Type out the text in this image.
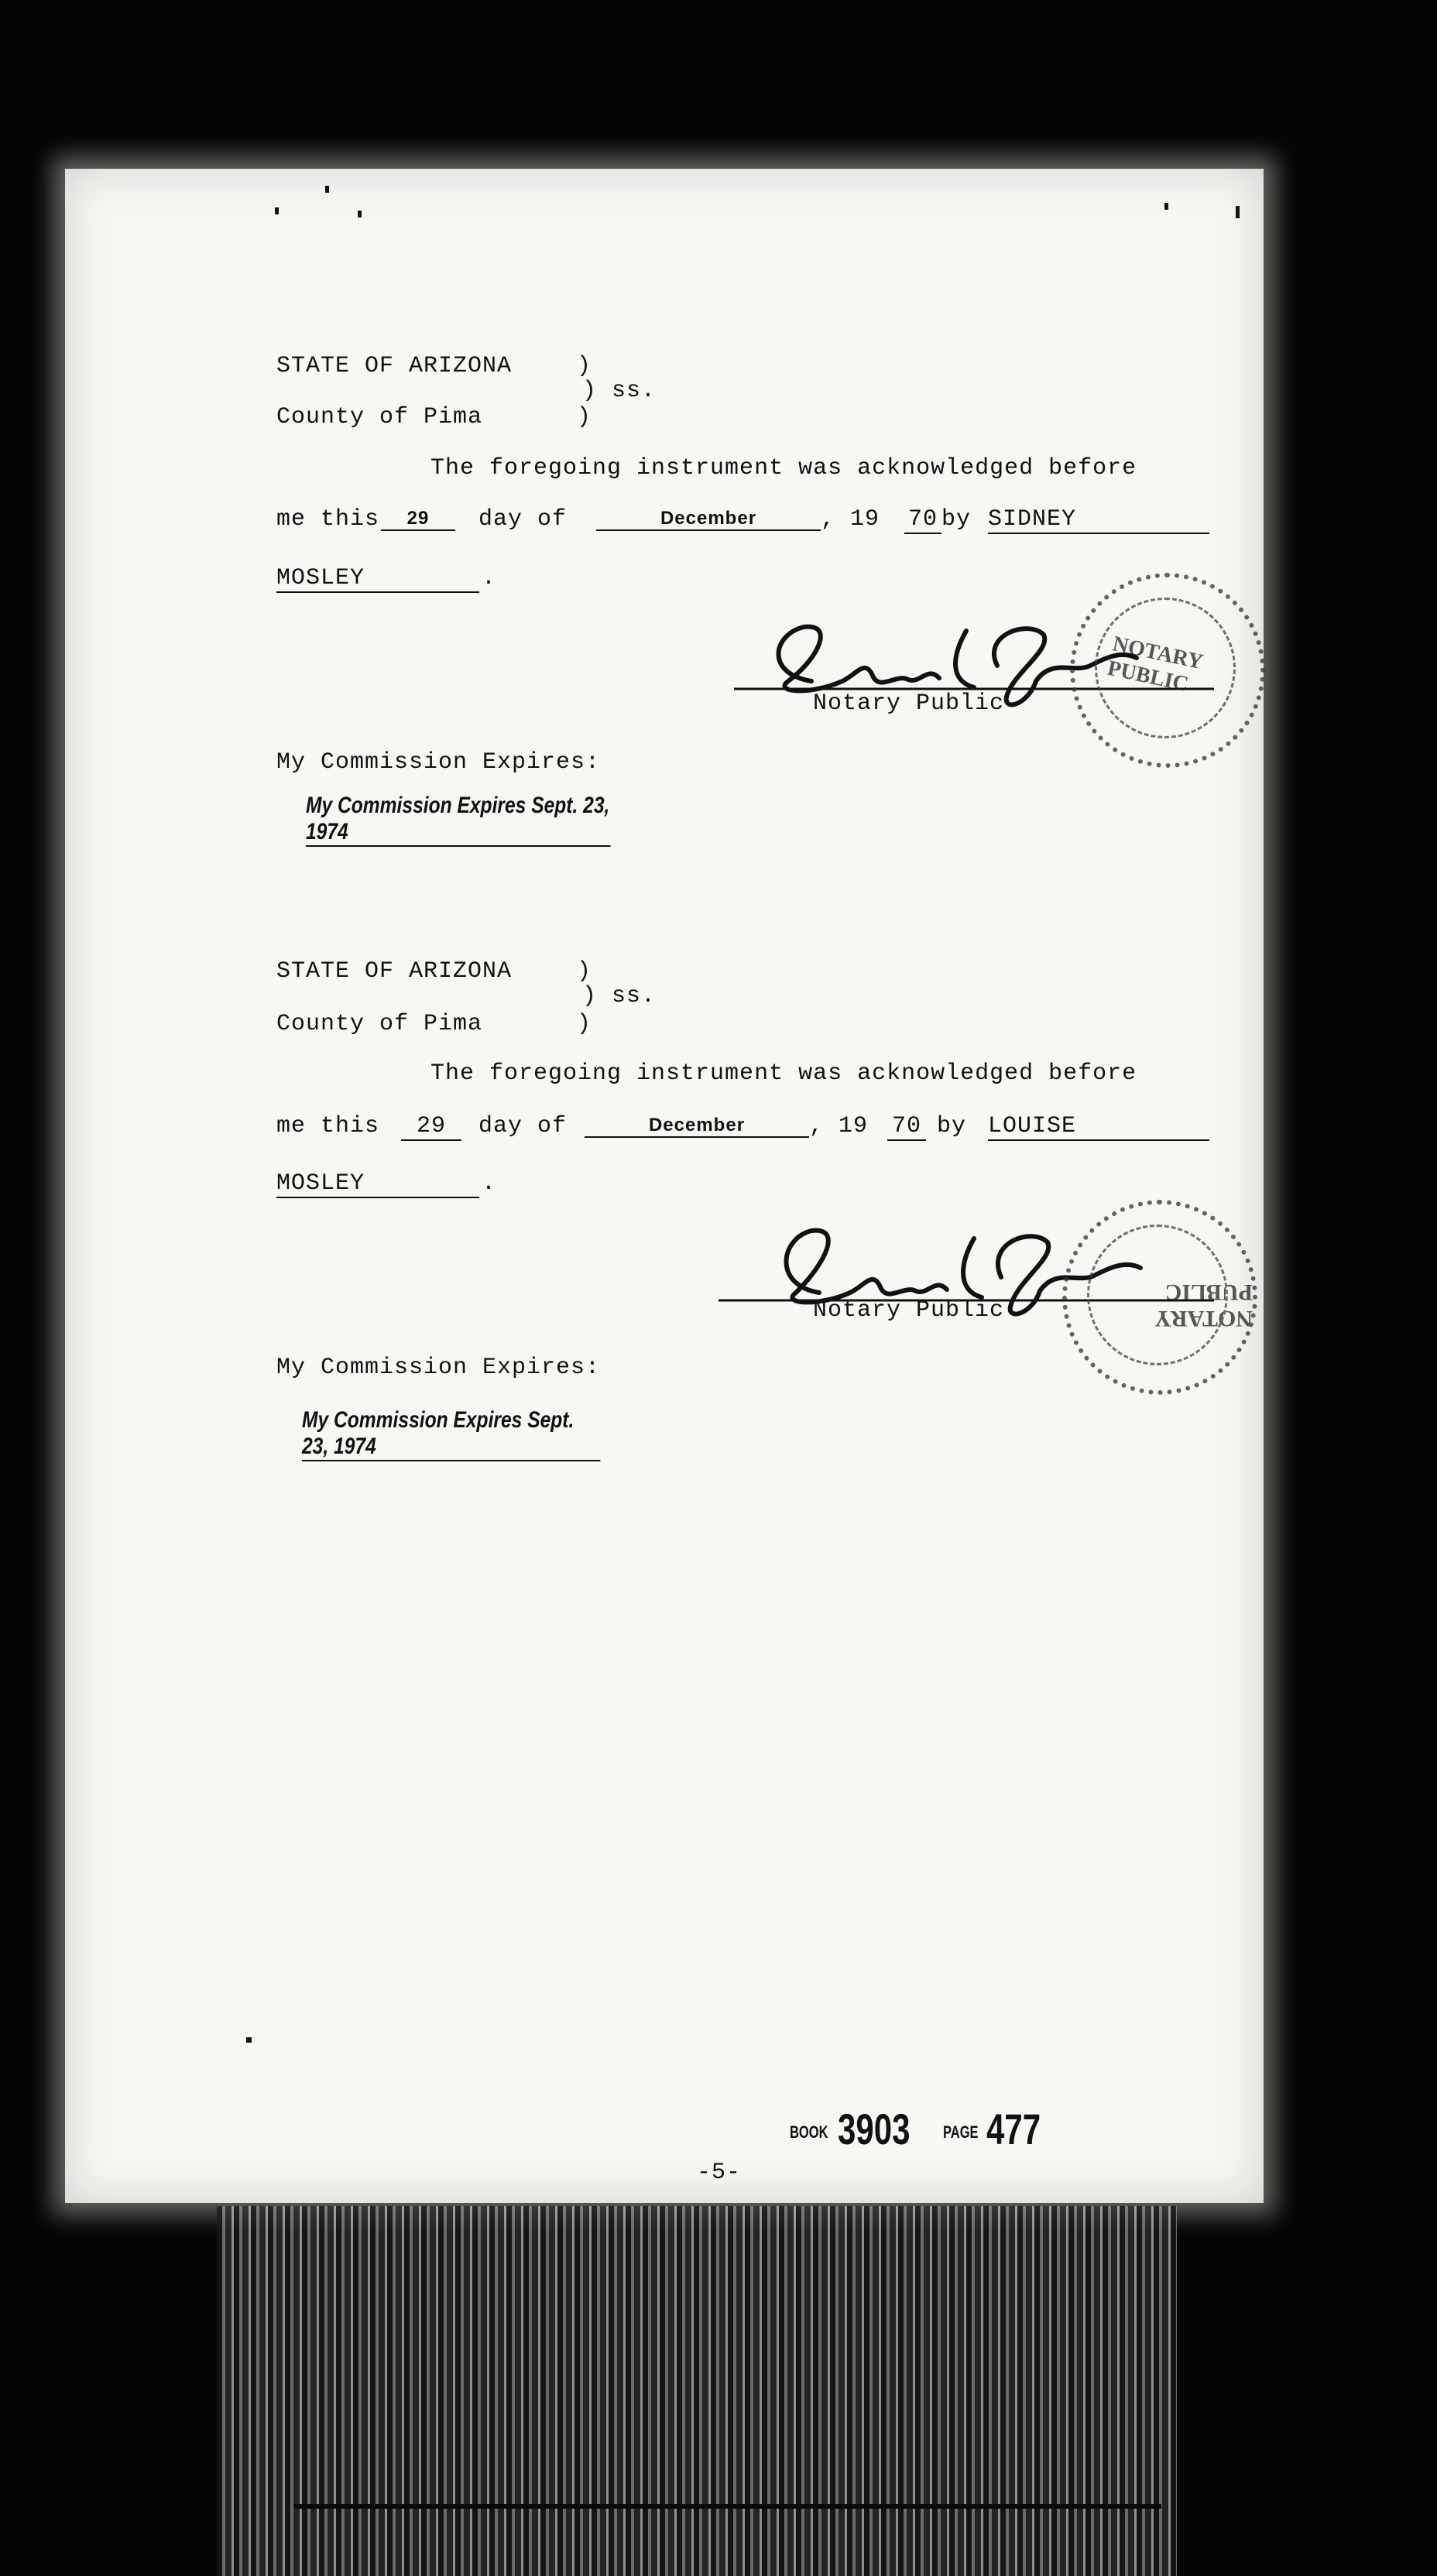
STATE OF ARIZONA	)
) ss.
County of Pima	)
The foregoing instrument was acknowledged before
me this	29	day of	December	, 19 70 by SIDNEY
MOSLEY	.
Notary Public
NOTARY PUBLIC
My Commission Expires:
My Commission Expires Sept. 23, 1974
STATE OF ARIZONA	)
) ss.
County of Pima	)
The foregoing instrument was acknowledged before
me this	29	day of	December	, 19 70 by LOUISE
MOSLEY	.
Notary Public	NOTARY PUBLIC
My Commission Expires:
My Commission Expires Sept. 23, 1974
-5-
BOOK 3903 PAGE 477
